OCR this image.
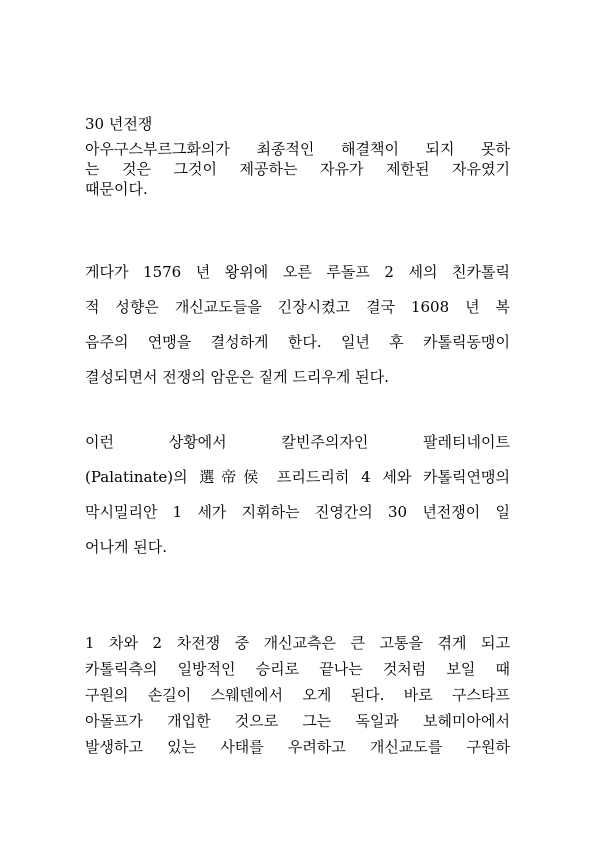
30 년전쟁

아우구스부르그화의가 최종적인 해결책이 되지 못하
는 것은 그것이 제공하는 자유가 제한된 자유였기
때문이다.

게다가 1576 년 왕위에 오른 루돌프 2 세의 친카톨릭
적 성향은 개신교도들을 긴장시켰고 결국 1608 년 복
음주의 연맹을 결성하게 한다. 일년 후 카톨릭동맹이
결성되면서 전쟁의 암운은 짙게 드리우게 된다.

이런 상황에서 칼빈주의자인 팔레티네이트
(Palatinate)의 選帝侯 프리드리히 4 세와 카톨릭연맹의
막시밀리안 1 세가 지휘하는 진영간의 30 년전쟁이 일
어나게 된다.

1 차와 2 차전쟁 중 개신교측은 큰 고통을 겪게 되고
카톨릭측의 일방적인 승리로 끝나는 것처럼 보일 때
구원의 손길이 스웨덴에서 오게 된다. 바로 구스타프
아돌프가 개입한 것으로 그는 독일과 보헤미아에서
발생하고 있는 사태를 우려하고 개신교도를 구원하
